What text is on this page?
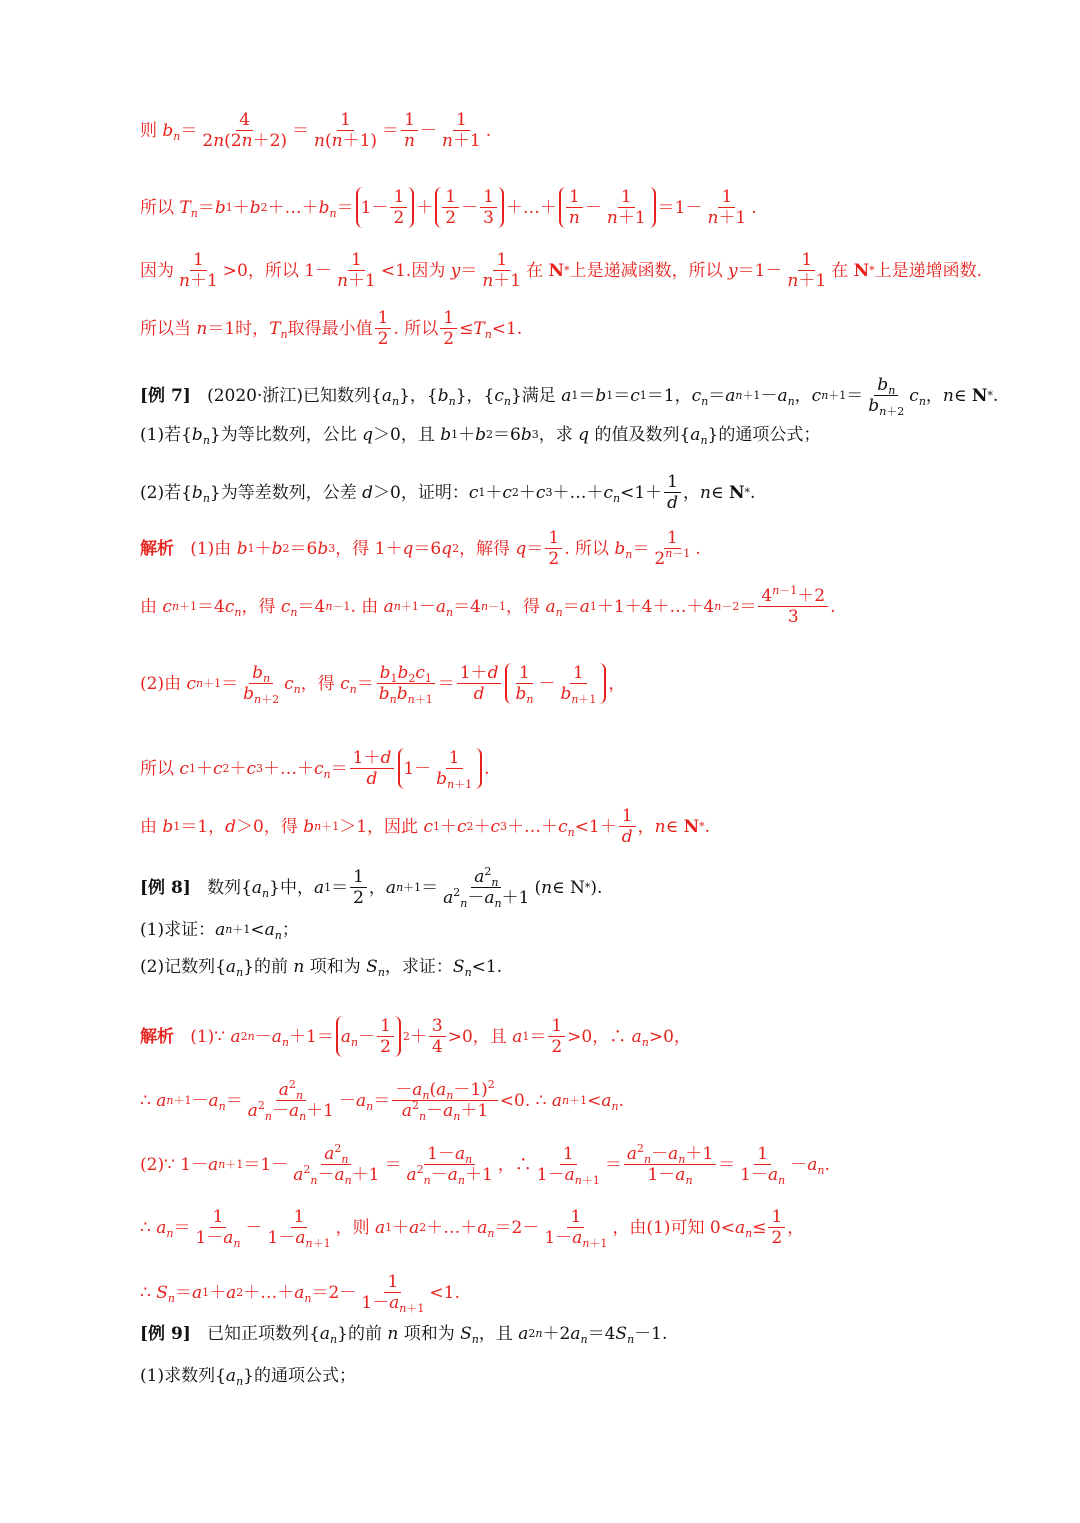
则
$b_n$ ＝
4
2n(2n＋2)
＝
1
n(n＋1)
＝
1
n
－
1
n＋1
.
所以
$T_n = b$ 1 ＋ b 2 ＋…＋ $b_n = 1-$
1
2
＋
1
2
－
1
3
＋…＋
1
n
－
1
n＋1
＝1－
1
n＋1
.
因为
1
n＋1
>0， 所以 1－
1
n＋1
<1. 因为
y ＝
1
n＋1
在 N * 上是递减函数，所以
y ＝1－
1
n＋1
在 N * 上是递增函数.
所以当
n ＝1 时， $T_n$ 取得最小值
1
2
. 所以
1
2
≤ $T_n <1$.
[例 7]
(2020·浙江)已知数列 { $a_n$ }，{ $b_n$ }，{ $c_n$ } 满足
a 1 ＝ b 1 ＝ c 1 ＝1， $c_n = a$ $n+1 - a_n$ ， c n＋1 ＝
$b_n$
$b_{n+2}$
$c_n$ ， n ∈ N * .
(1)若 { $b_n$ } 为等比数列，公比
q ＞0 ，且
b 1 ＋ b 2 ＝6 b 3 ，求
q
的值及数列 { $a_n$ } 的通项公式；
(2)若 { $b_n$ } 为等差数列，公差
d ＞0 ，证明： c 1 ＋ c 2 ＋ c 3 ＋…＋ $c_n <1+$
1
d
， n ∈ N * .
解析
(1)由
b 1 ＋ b 2 ＝6 b 3 ，得 1＋ q ＝6 q 2 ，解得
q ＝
1
2
. 所以
$b_n$ ＝
1
$2^{n-1}$ .
由
c n＋1 ＝4 $c_n$ ，得
$c_n =4$ n－1 . 由
a $n+1 - a_n =4$ n－1 ，得
$a_n = a$ 1 ＋1＋4＋…＋4 n－2 ＝
$4^{n-1}+2$
3
.
(2)由
c n＋1 ＝
$b_n$
$b_{n+2}$
$c_n$ ，得
$c_n$ ＝
$b_1b_2c_1$
$b_nb_{n+1}$
＝
1＋d
d
1
$b_n$
－
1
$b_{n+1}$
，
所以
c 1 ＋ c 2 ＋ c 3 ＋…＋ $c_n$ ＝
1＋d
d
1－
1
$b_{n+1}$
.
由
b 1 ＝1， d ＞0 ，得
b n＋1 ＞1 ，因此
c 1 ＋ c 2 ＋ c 3 ＋…＋ $c_n <1+$
1
d
， n ∈ N * .
[例 8]
数列 { $a_n$ } 中， a 1 ＝
1
2
， a n＋1 ＝
$a^2_n$
$a^2_n-a_n+1$
( n ∈ N * ).
(1)求证： a $n+1 < a_n$ ；
(2)记数列 { $a_n$ } 的前
n
项和为
$S_n$ ，求证： $S_n <1$.
解析
(1)∵
a 2 $n - a_n +1= a_n$ －
1
2
2 ＋
3
4
>0 ，且
a 1 ＝
1
2
>0 ，∴
$a_n >0$，
∴
a $n+1 - a_n$ ＝
$a^2_n$
$a^2_n-a_n+1$
－ $a_n$ ＝
$-a_n(a_n-1)^2$
$a^2_n-a_n+1$
<0. ∴
a $n+1 < a_n$ .
(2)∵ 1－ a n＋1 ＝1－
$a^2_n$
$a^2_n-a_n+1$
＝
$1-a_n$
$a^2_n-a_n+1$
，∴
1
$1-a_{n+1}$
＝
$a^2_n-a_n+1$
$1-a_n$
＝
1
$1-a_n$
－ $a_n$ .
∴
$a_n$ ＝
1
$1-a_n$
－
1
$1-a_{n+1}$
，则
a 1 ＋ a 2 ＋…＋ $a_n =2-$
1
$1-a_{n+1}$
，由(1)可知 $0< a_n$ ≤
1
2
，
∴
$S_n = a$ 1 ＋ a 2 ＋…＋ $a_n =2-$
1
$1-a_{n+1}$
<1.
[例 9]
已知正项数列 { $a_n$ } 的前
n
项和为
$S_n$ ，且
a 2 n ＋2 $a_n =4$ $S_n -1$.
(1)求数列 { $a_n$ } 的通项公式；
